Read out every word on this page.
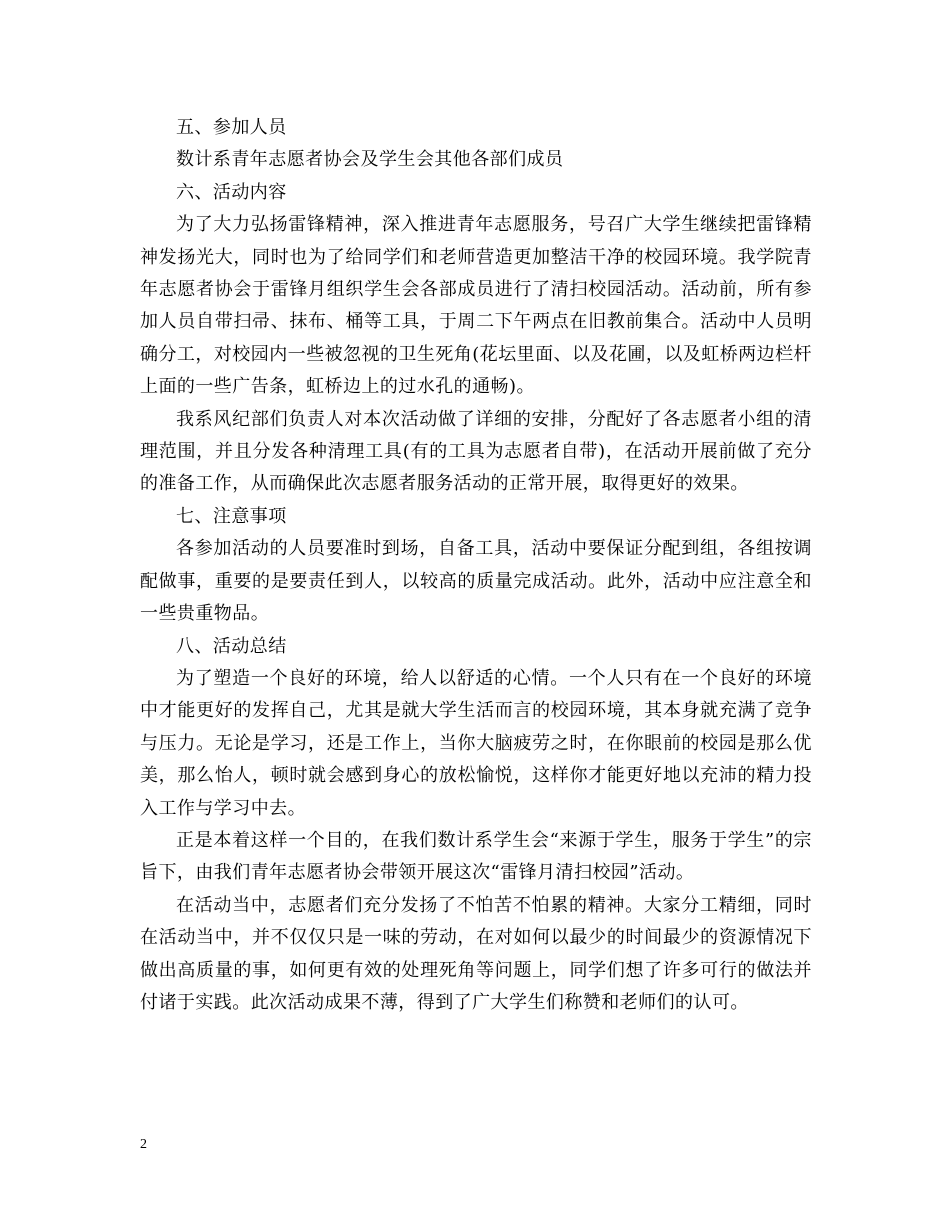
五、参加人员

数计系青年志愿者协会及学生会其他各部们成员

六、活动内容

为了大力弘扬雷锋精神，深入推进青年志愿服务，号召广大学生继续把雷锋精神发扬光大，同时也为了给同学们和老师营造更加整洁干净的校园环境。我学院青年志愿者协会于雷锋月组织学生会各部成员进行了清扫校园活动。活动前，所有参加人员自带扫帚、抹布、桶等工具，于周二下午两点在旧教前集合。活动中人员明确分工，对校园内一些被忽视的卫生死角(花坛里面、以及花圃，以及虹桥两边栏杆上面的一些广告条，虹桥边上的过水孔的通畅)。

我系风纪部们负责人对本次活动做了详细的安排，分配好了各志愿者小组的清理范围，并且分发各种清理工具(有的工具为志愿者自带)，在活动开展前做了充分的准备工作，从而确保此次志愿者服务活动的正常开展，取得更好的效果。

七、注意事项

各参加活动的人员要准时到场，自备工具，活动中要保证分配到组，各组按调配做事，重要的是要责任到人，以较高的质量完成活动。此外，活动中应注意全和一些贵重物品。

八、活动总结

为了塑造一个良好的环境，给人以舒适的心情。一个人只有在一个良好的环境中才能更好的发挥自己，尤其是就大学生活而言的校园环境，其本身就充满了竞争与压力。无论是学习，还是工作上，当你大脑疲劳之时，在你眼前的校园是那么优美，那么怡人，顿时就会感到身心的放松愉悦，这样你才能更好地以充沛的精力投入工作与学习中去。

正是本着这样一个目的，在我们数计系学生会“来源于学生，服务于学生”的宗旨下，由我们青年志愿者协会带领开展这次“雷锋月清扫校园”活动。

在活动当中，志愿者们充分发扬了不怕苦不怕累的精神。大家分工精细，同时在活动当中，并不仅仅只是一味的劳动，在对如何以最少的时间最少的资源情况下做出高质量的事，如何更有效的处理死角等问题上，同学们想了许多可行的做法并付诸于实践。此次活动成果不薄，得到了广大学生们称赞和老师们的认可。

2
